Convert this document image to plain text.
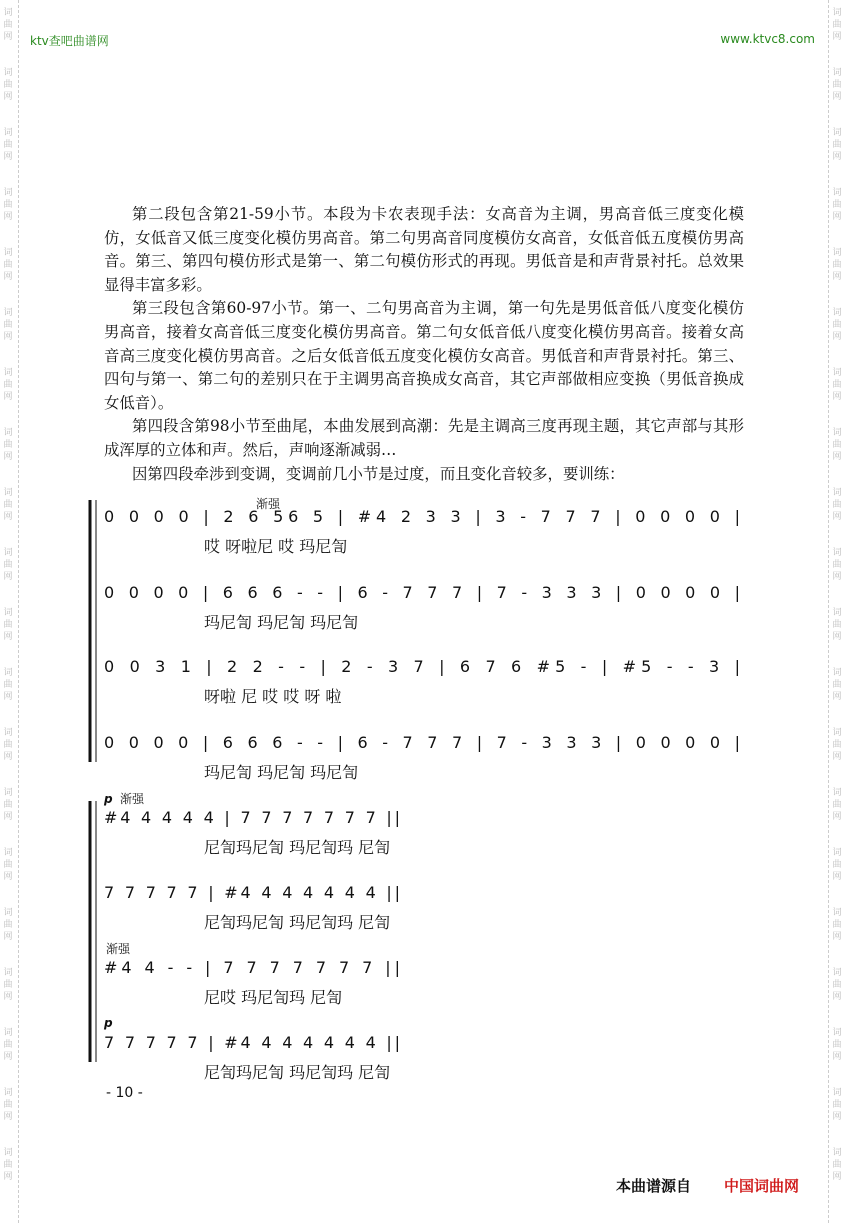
词
曲
网
词
曲
网
词
曲
网
词
曲
网
词
曲
网
词
曲
网
词
曲
网
词
曲
网
词
曲
网
词
曲
网
词
曲
网
词
曲
网
词
曲
网
词
曲
网
词
曲
网
词
曲
网
词
曲
网
词
曲
网
词
曲
网
词
曲
网
词
曲
网
词
曲
网
词
曲
网
词
曲
网
词
曲
网
词
曲
网
词
曲
网
词
曲
网
词
曲
网
词
曲
网
词
曲
网
词
曲
网
词
曲
网
词
曲
网
词
曲
网
词
曲
网
词
曲
网
词
曲
网
词
曲
网
词
曲
网
ktv查吧曲谱网	www.ktvc8.com

第二段包含第21-59小节。本段为卡农表现手法：女高音为主调，男高音低三度变化模仿，女低音又低三度变化模仿男高音。第二句男高音同度模仿女高音，女低音低五度模仿男高音。第三、第四句模仿形式是第一、第二句模仿形式的再现。男低音是和声背景衬托。总效果显得丰富多彩。

第三段包含第60-97小节。第一、二句男高音为主调，第一句先是男低音低八度变化模仿男高音，接着女高音低三度变化模仿男高音。第二句女低音低八度变化模仿男高音。接着女高音高三度变化模仿男高音。之后女低音低五度变化模仿女高音。男低音和声背景衬托。第三、四句与第一、第二句的差别只在于主调男高音换成女高音，其它声部做相应变换（男低音换成女低音）。

第四段含第98小节至曲尾，本曲发展到高潮：先是主调高三度再现主题，其它声部与其形成浑厚的立体和声。然后，声响逐渐减弱…

因第四段牵涉到变调，变调前几小节是过度，而且变化音较多，要训练：

0 0 0 0 | 2 6 56 5 | #4 2 3 3 | 3 - 7 7 7 | 0 0 0 0 |
哎 呀啦尼 哎 玛尼訇
0 0 0 0 | 6 6 6 - - | 6 - 7 7 7 | 7 - 3 3 3 | 0 0 0 0 |
玛尼訇 玛尼訇 玛尼訇
0 0 3 1 | 2 2 - - | 2 - 3 7 | 6 7 6 #5 - | #5 - - 3 |
呀啦 尼 哎 哎 呀 啦
0 0 0 0 | 6 6 6 - - | 6 - 7 7 7 | 7 - 3 3 3 | 0 0 0 0 |
玛尼訇 玛尼訇 玛尼訇
#4 4 4 4 4 | 7 7 7 7 7 7 7 ||
尼訇玛尼訇 玛尼訇玛 尼訇
7 7 7 7 7 | #4 4 4 4 4 4 4 ||
尼訇玛尼訇 玛尼訇玛 尼訇
#4 4 - - | 7 7 7 7 7 7 7 ||
尼哎 玛尼訇玛 尼訇
7 7 7 7 7 | #4 4 4 4 4 4 4 ||
尼訇玛尼訇 玛尼訇玛 尼訇
渐强
p 渐强
渐强
p
- 10 -
本曲谱源自 中国词曲网
